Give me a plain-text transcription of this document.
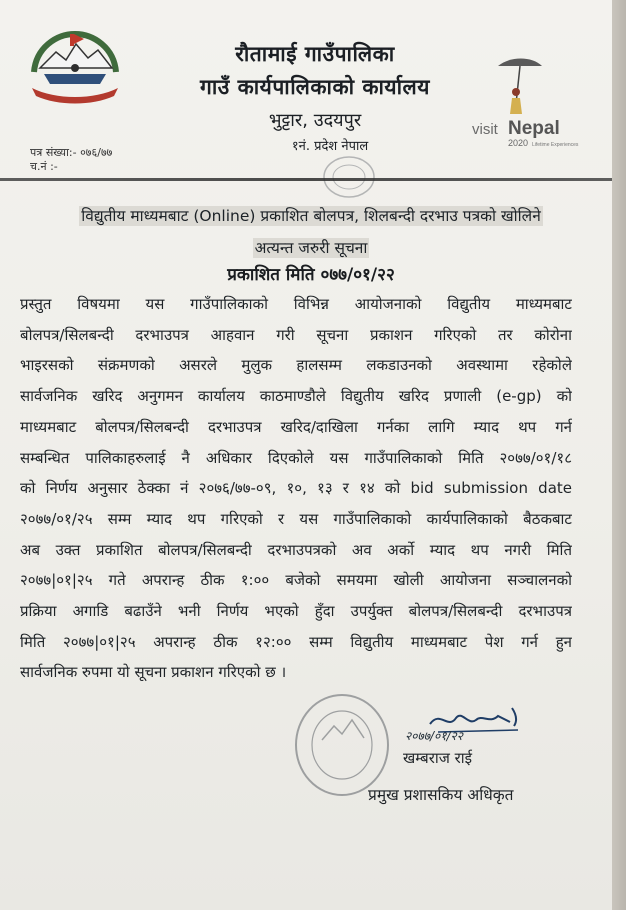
रौतामाई गाउँपालिका
गाउँ कार्यपालिकाको कार्यालय
भुट्टार, उदयपुर
१नं. प्रदेश नेपाल
visit Nepal
2020 Lifetime Experiences
पत्र संख्या:- ०७६/७७
च.नं :-
विद्युतीय माध्यमबाट (Online) प्रकाशित बोलपत्र, शिलबन्दी दरभाउ पत्रको खोलिने
अत्यन्त जरुरी सूचना
प्रकाशित मिति ०७७/०१/२२
प्रस्तुत विषयमा यस गाउँपालिकाको विभिन्न आयोजनाको विद्युतीय माध्यमबाट
बोलपत्र/सिलबन्दी दरभाउपत्र आहवान गरी सूचना प्रकाशन गरिएको तर कोरोना
भाइरसको संक्रमणको असरले मुलुक हालसम्म लकडाउनको अवस्थामा रहेकोले
सार्वजनिक खरिद अनुगमन कार्यालय काठमाण्डौले विद्युतीय खरिद प्रणाली (e-gp) को
माध्यमबाट बोलपत्र/सिलबन्दी दरभाउपत्र खरिद/दाखिला गर्नका लागि म्याद थप गर्न
सम्बन्धित पालिकाहरुलाई नै अधिकार दिएकोले यस गाउँपालिकाको मिति २०७७/०१/१८
को निर्णय अनुसार ठेक्का नं २०७६/७७-०९, १०, १३ र १४ को bid submission date
२०७७/०१/२५ सम्म म्याद थप गरिएको र यस गाउँपालिकाको कार्यपालिकाको बैठकबाट
अब उक्त प्रकाशित बोलपत्र/सिलबन्दी दरभाउपत्रको अव अर्को म्याद थप नगरी मिति
२०७७|०१|२५ गते अपरान्ह ठीक १:०० बजेको समयमा खोली आयोजना सञ्चालनको
प्रक्रिया अगाडि बढाउँने भनी निर्णय भएको हुँदा उपर्युक्त बोलपत्र/सिलबन्दी दरभाउपत्र
मिति २०७७|०१|२५ अपरान्ह ठीक १२:०० सम्म विद्युतीय माध्यमबाट पेश गर्न हुन
सार्वजनिक रुपमा यो सूचना प्रकाशन गरिएको छ ।
२०७७/०१/२२
खम्बराज राई
प्रमुख प्रशासकिय अधिकृत
